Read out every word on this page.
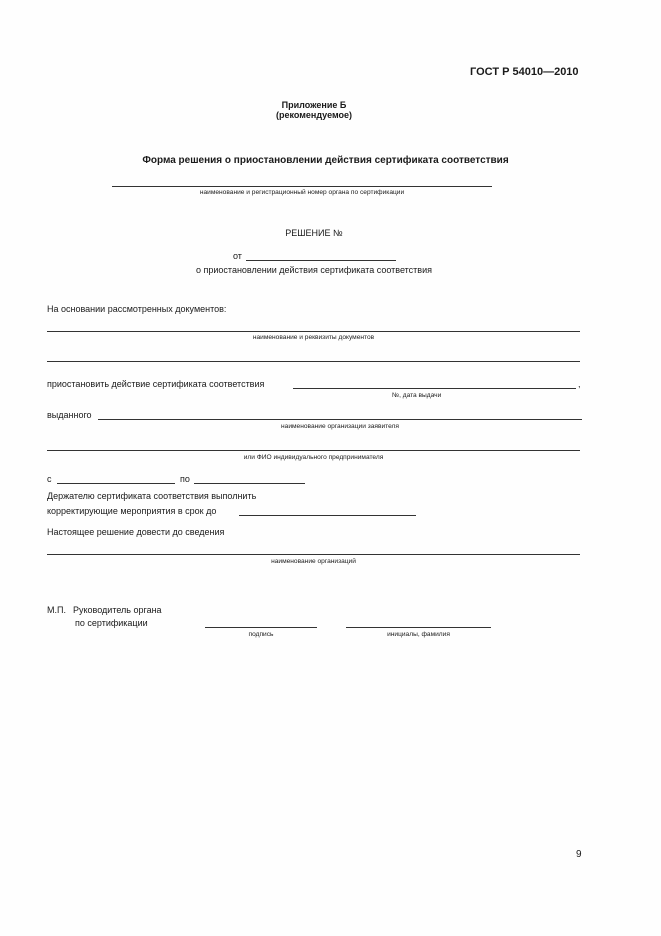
ГОСТ Р 54010—2010
Приложение Б
(рекомендуемое)
Форма решения о приостановлении действия сертификата соответствия
наименование и регистрационный номер органа по сертификации
РЕШЕНИЕ №
от
о приостановлении действия сертификата соответствия
На основании рассмотренных документов:
наименование и реквизиты документов
приостановить действие сертификата соответствия	,
№, дата выдачи
выданного
наименование организации заявителя
или ФИО индивидуального предпринимателя
с	по
Держателю сертификата соответствия выполнить
корректирующие мероприятия в срок до
Настоящее решение довести до сведения
наименование организаций
М.П. Руководитель органа
по сертификации
подпись	инициалы, фамилия
9
